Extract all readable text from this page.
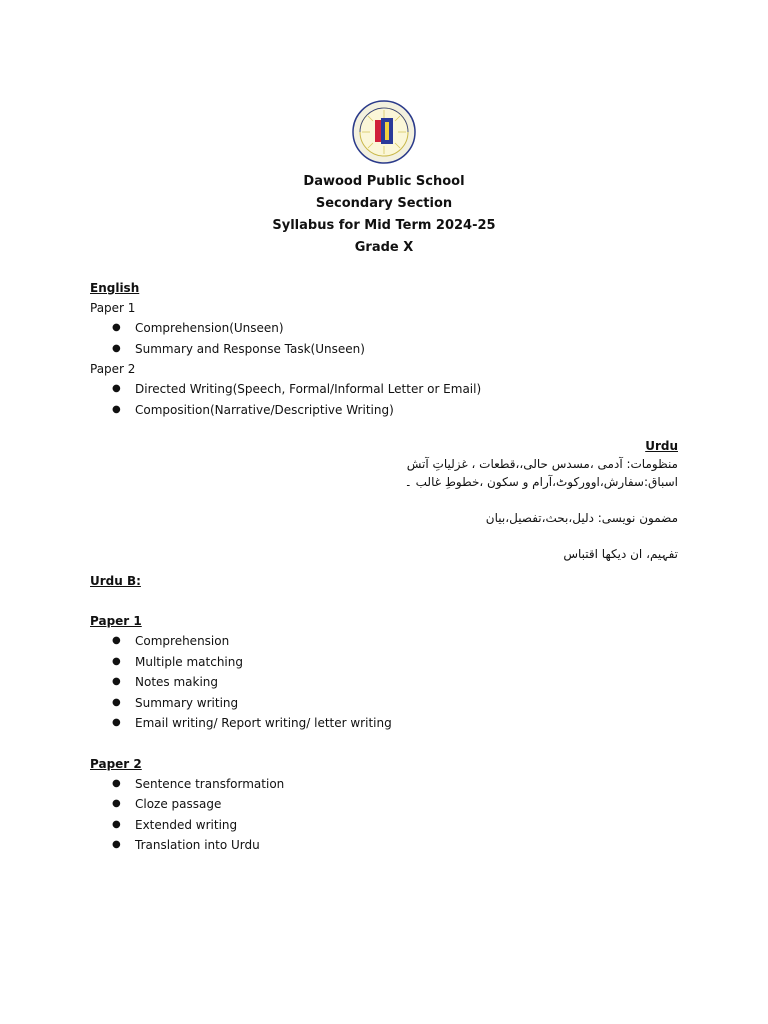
Dawood Public School
Secondary Section
Syllabus for Mid Term 2024-25
Grade X
English
Paper 1
● Comprehension(Unseen)
● Summary and Response Task(Unseen)
Paper 2
● Directed Writing(Speech, Formal/Informal Letter or Email)
● Composition(Narrative/Descriptive Writing)
Urdu
منظومات: آدمی ،مسدس حالی،،قطعات ، غزلیاتِ آتش
اسباق:سفارش،اوورکوٹ،آرام و سکون ،خطوطِ غالب ۔
مضمون نویسی: دلیل،بحث،تفصیل،بیان
تفہیم، ان دیکھا اقتباس
Urdu B:
Paper 1
● Comprehension
● Multiple matching
● Notes making
● Summary writing
● Email writing/ Report writing/ letter writing
Paper 2
● Sentence transformation
● Cloze passage
● Extended writing
● Translation into Urdu
